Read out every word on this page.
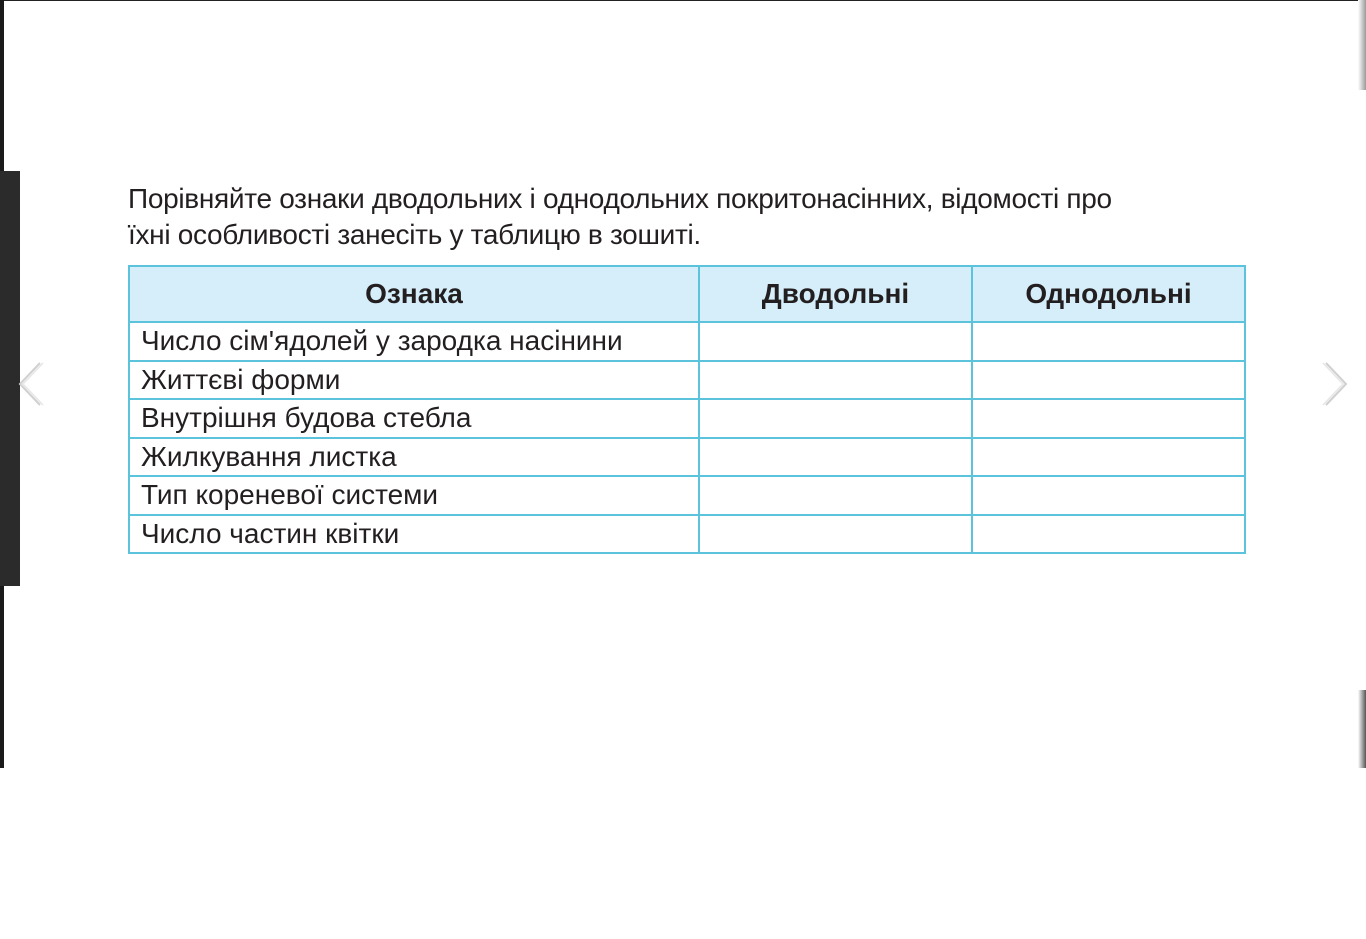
Порівняйте ознаки дводольних і однодольних покритонасінних, відомості про
їхні особливості занесіть у таблицю в зошиті.
Ознака	Дводольні	Однодольні
Число сім'ядолей у зародка насінини		
Життєві форми		
Внутрішня будова стебла		
Жилкування листка		
Тип кореневої системи		
Число частин квітки		
